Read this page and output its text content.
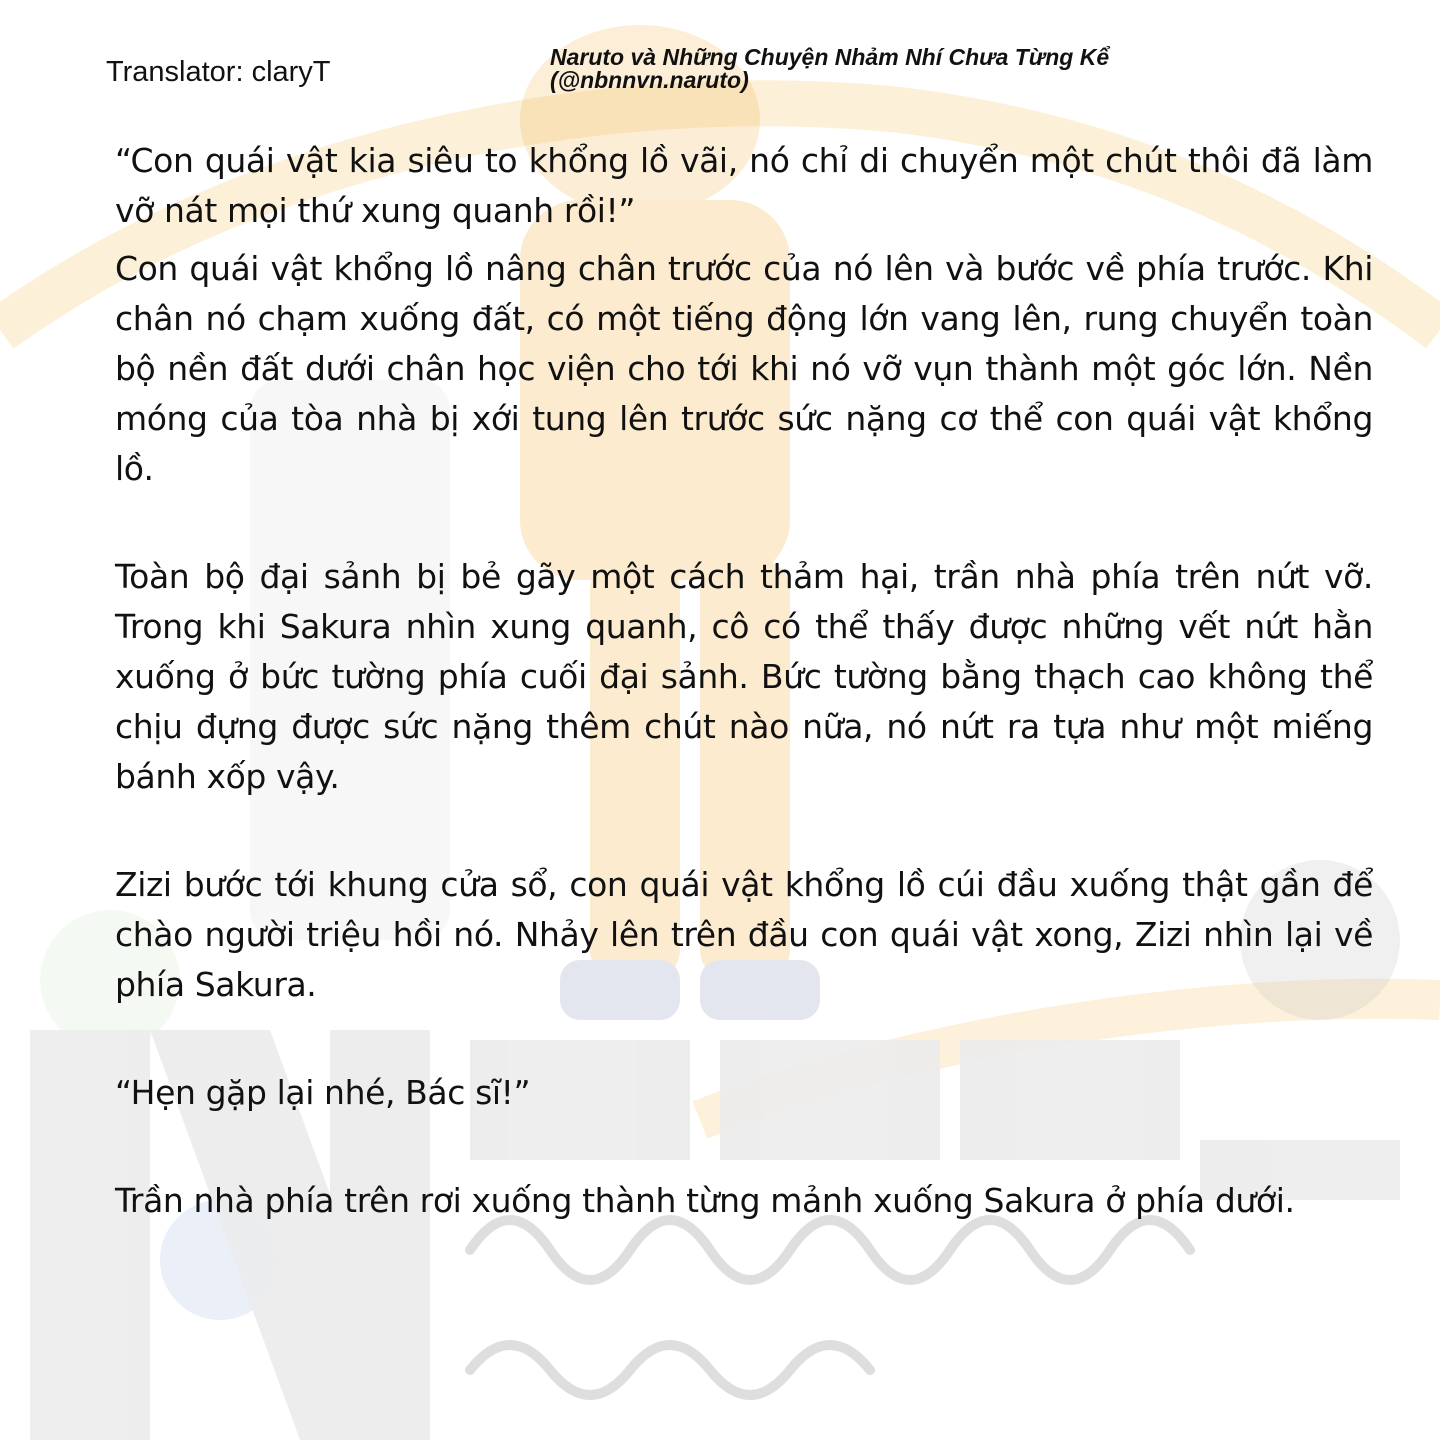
Translator: claryT	Naruto và Những Chuyện Nhảm Nhí Chưa Từng Kể
(@nbnnvn.naruto)

“Con quái vật kia siêu to khổng lồ vãi, nó chỉ di chuyển một chút thôi đã làm vỡ nát mọi thứ xung quanh rồi!”

Con quái vật khổng lồ nâng chân trước của nó lên và bước về phía trước. Khi chân nó chạm xuống đất, có một tiếng động lớn vang lên, rung chuyển toàn bộ nền đất dưới chân học viện cho tới khi nó vỡ vụn thành một góc lớn. Nền móng của tòa nhà bị xới tung lên trước sức nặng cơ thể con quái vật khổng lồ.

Toàn bộ đại sảnh bị bẻ gãy một cách thảm hại, trần nhà phía trên nứt vỡ. Trong khi Sakura nhìn xung quanh, cô có thể thấy được những vết nứt hằn xuống ở bức tường phía cuối đại sảnh. Bức tường bằng thạch cao không thể chịu đựng được sức nặng thêm chút nào nữa, nó nứt ra tựa như một miếng bánh xốp vậy.

Zizi bước tới khung cửa sổ, con quái vật khổng lồ cúi đầu xuống thật gần để chào người triệu hồi nó. Nhảy lên trên đầu con quái vật xong, Zizi nhìn lại về phía Sakura.

“Hẹn gặp lại nhé, Bác sĩ!”

Trần nhà phía trên rơi xuống thành từng mảnh xuống Sakura ở phía dưới.
